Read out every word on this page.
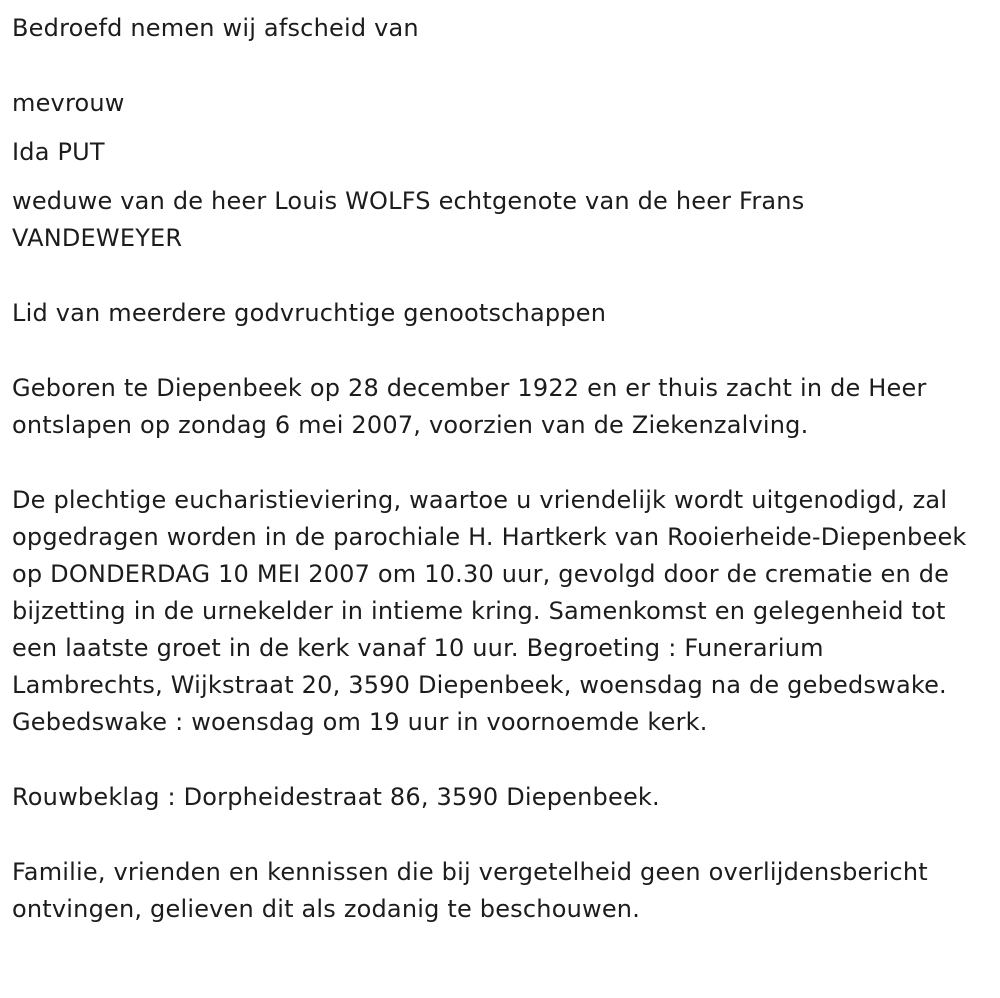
Bedroefd nemen wij afscheid van

mevrouw

Ida PUT

weduwe van de heer Louis WOLFS echtgenote van de heer Frans VANDEWEYER

Lid van meerdere godvruchtige genootschappen

Geboren te Diepenbeek op 28 december 1922 en er thuis zacht in de Heer ontslapen op zondag 6 mei 2007, voorzien van de Ziekenzalving.

De plechtige eucharistieviering, waartoe u vriendelijk wordt uitgenodigd, zal opgedragen worden in de parochiale H. Hartkerk van Rooierheide-Diepenbeek op DONDERDAG 10 MEI 2007 om 10.30 uur, gevolgd door de crematie en de bijzetting in de urnekelder in intieme kring. Samenkomst en gelegenheid tot een laatste groet in de kerk vanaf 10 uur. Begroeting : Funerarium Lambrechts, Wijkstraat 20, 3590 Diepenbeek, woensdag na de gebedswake. Gebedswake : woensdag om 19 uur in voornoemde kerk.

Rouwbeklag : Dorpheidestraat 86, 3590 Diepenbeek.

Familie, vrienden en kennissen die bij vergetelheid geen overlijdensbericht ontvingen, gelieven dit als zodanig te beschouwen.
